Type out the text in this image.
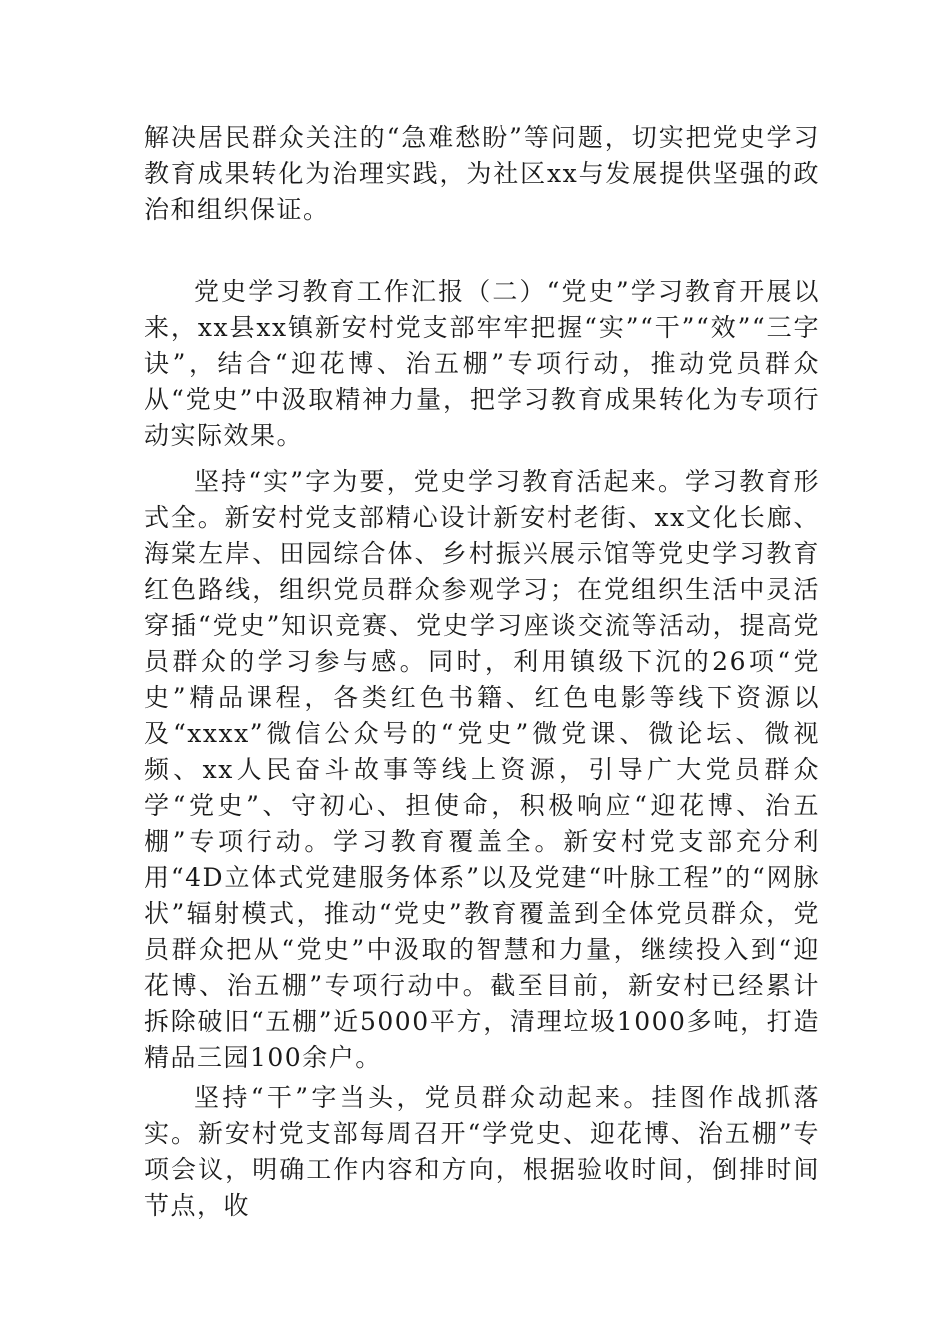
解决居民群众关注的“急难愁盼”等问题，切实把党史学习教育成果转化为治理实践，为社区xx与发展提供坚强的政治和组织保证。

党史学习教育工作汇报（二）“党史”学习教育开展以来，xx县xx镇新安村党支部牢牢把握“实”“干”“效”“三字诀”，结合“迎花博、治五棚”专项行动，推动党员群众从“党史”中汲取精神力量，把学习教育成果转化为专项行动实际效果。

坚持“实”字为要，党史学习教育活起来。学习教育形式全。新安村党支部精心设计新安村老街、xx文化长廊、海棠左岸、田园综合体、乡村振兴展示馆等党史学习教育红色路线，组织党员群众参观学习；在党组织生活中灵活穿插“党史”知识竞赛、党史学习座谈交流等活动，提高党员群众的学习参与感。同时，利用镇级下沉的26项“党史”精品课程，各类红色书籍、红色电影等线下资源以及“xxxx”微信公众号的“党史”微党课、微论坛、微视频、xx人民奋斗故事等线上资源，引导广大党员群众学“党史”、守初心、担使命，积极响应“迎花博、治五棚”专项行动。学习教育覆盖全。新安村党支部充分利用“4D立体式党建服务体系”以及党建“叶脉工程”的“网脉状”辐射模式，推动“党史”教育覆盖到全体党员群众，党员群众把从“党史”中汲取的智慧和力量，继续投入到“迎花博、治五棚”专项行动中。截至目前，新安村已经累计拆除破旧“五棚”近5000平方，清理垃圾1000多吨，打造精品三园100余户。

坚持“干”字当头，党员群众动起来。挂图作战抓落实。新安村党支部每周召开“学党史、迎花博、治五棚”专项会议，明确工作内容和方向，根据验收时间，倒排时间节点，收
